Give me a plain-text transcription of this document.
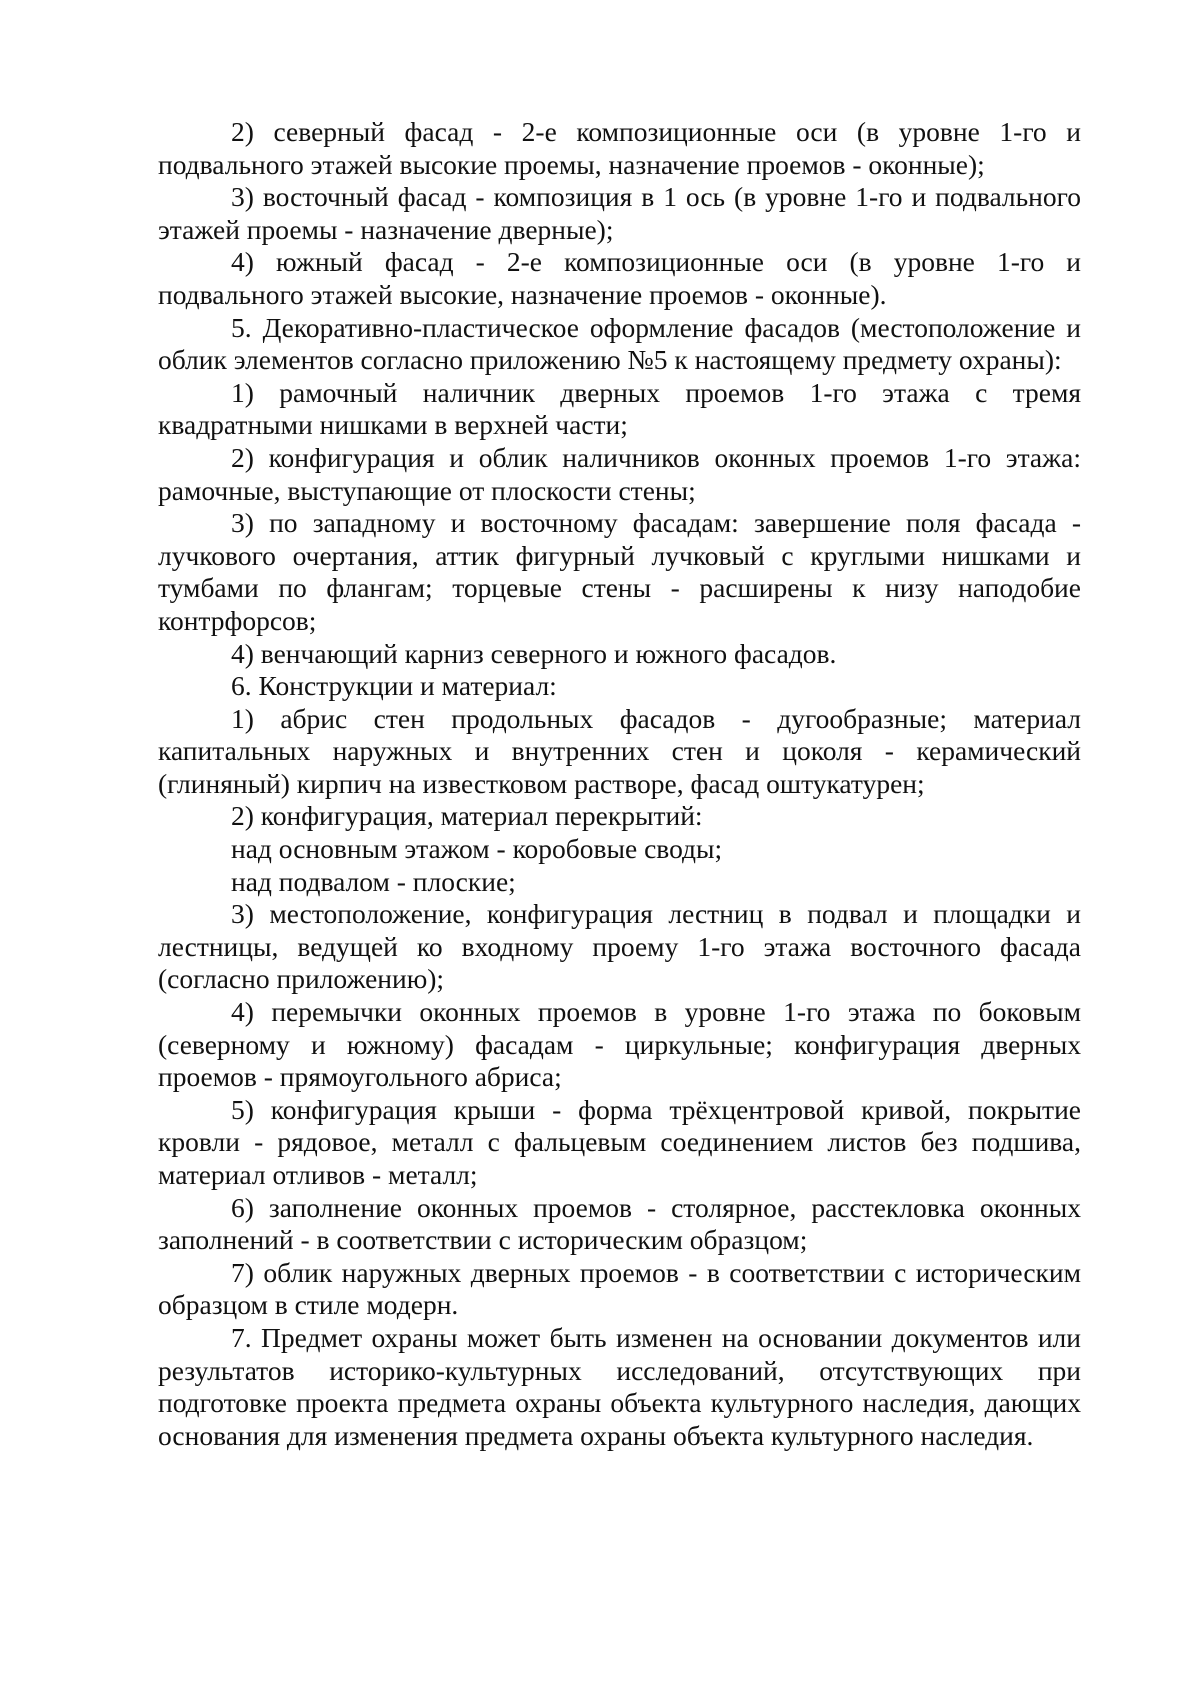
2) северный фасад - 2-е композиционные оси (в уровне 1-го и подвального этажей высокие проемы, назначение проемов - оконные);

3) восточный фасад - композиция в 1 ось (в уровне 1-го и подвального этажей проемы - назначение дверные);

4) южный фасад - 2-е композиционные оси (в уровне 1-го и подвального этажей высокие, назначение проемов - оконные).

5. Декоративно-пластическое оформление фасадов (местоположение и облик элементов согласно приложению №5 к настоящему предмету охраны):

1) рамочный наличник дверных проемов 1-го этажа с тремя квадратными нишками в верхней части;

2) конфигурация и облик наличников оконных проемов 1-го этажа: рамочные, выступающие от плоскости стены;

3) по западному и восточному фасадам: завершение поля фасада - лучкового очертания, аттик фигурный лучковый с круглыми нишками и тумбами по флангам; торцевые стены - расширены к низу наподобие контрфорсов;

4) венчающий карниз северного и южного фасадов.

6. Конструкции и материал:

1) абрис стен продольных фасадов - дугообразные; материал капитальных наружных и внутренних стен и цоколя - керамический (глиняный) кирпич на известковом растворе, фасад оштукатурен;

2) конфигурация, материал перекрытий:

над основным этажом - коробовые своды;

над подвалом - плоские;

3) местоположение, конфигурация лестниц в подвал и площадки и лестницы, ведущей ко входному проему 1-го этажа восточного фасада (согласно приложению);

4) перемычки оконных проемов в уровне 1-го этажа по боковым (северному и южному) фасадам - циркульные; конфигурация дверных проемов - прямоугольного абриса;

5) конфигурация крыши - форма трёхцентровой кривой, покрытие кровли - рядовое, металл с фальцевым соединением листов без подшива, материал отливов - металл;

6) заполнение оконных проемов - столярное, расстекловка оконных заполнений - в соответствии с историческим образцом;

7) облик наружных дверных проемов - в соответствии с историческим образцом в стиле модерн.

7. Предмет охраны может быть изменен на основании документов или результатов историко-культурных исследований, отсутствующих при подготовке проекта предмета охраны объекта культурного наследия, дающих основания для изменения предмета охраны объекта культурного наследия.
